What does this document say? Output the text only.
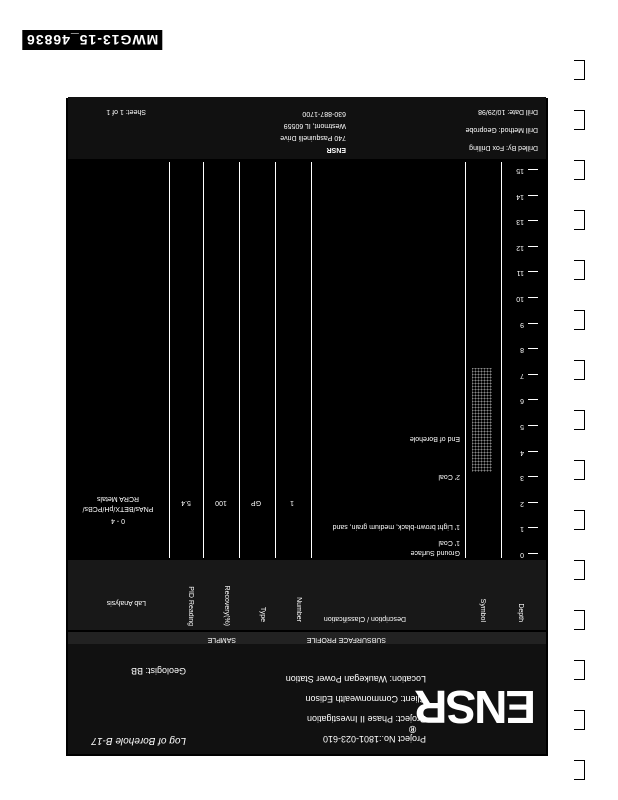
MWG13-15_46836
ENSR®
Log of Borehole B-17	Project No.:1801-023-610
Project: Phase II Investigation
Client: Commonwealth Edison
Location: Waukegan Power Station
Geologist: BB
SUBSURFACE PROFILE
SAMPLE
Depth
Symbol
Description / Classification
Number
Type
Recovery(%)
PID Reading
Lab Analysis
0
1
2
3
4
5
6
7
8
9
10
11
12
13
14
15
Ground Surface
1' Coal
1' Light brown-black, medium grain, sand
2' Coal
End of Borehole
1
GP
100
5.4
0 - 4
PNAs/BETX/pH/PCBs/
RCRA Metals
Drilled By: Fox Drilling
Drill Method: Geoprobe
Drill Date: 10/29/98
ENSR
740 Pasquinelli Drive
Westmont, IL 60559
630-887-1700
Sheet: 1 of 1
